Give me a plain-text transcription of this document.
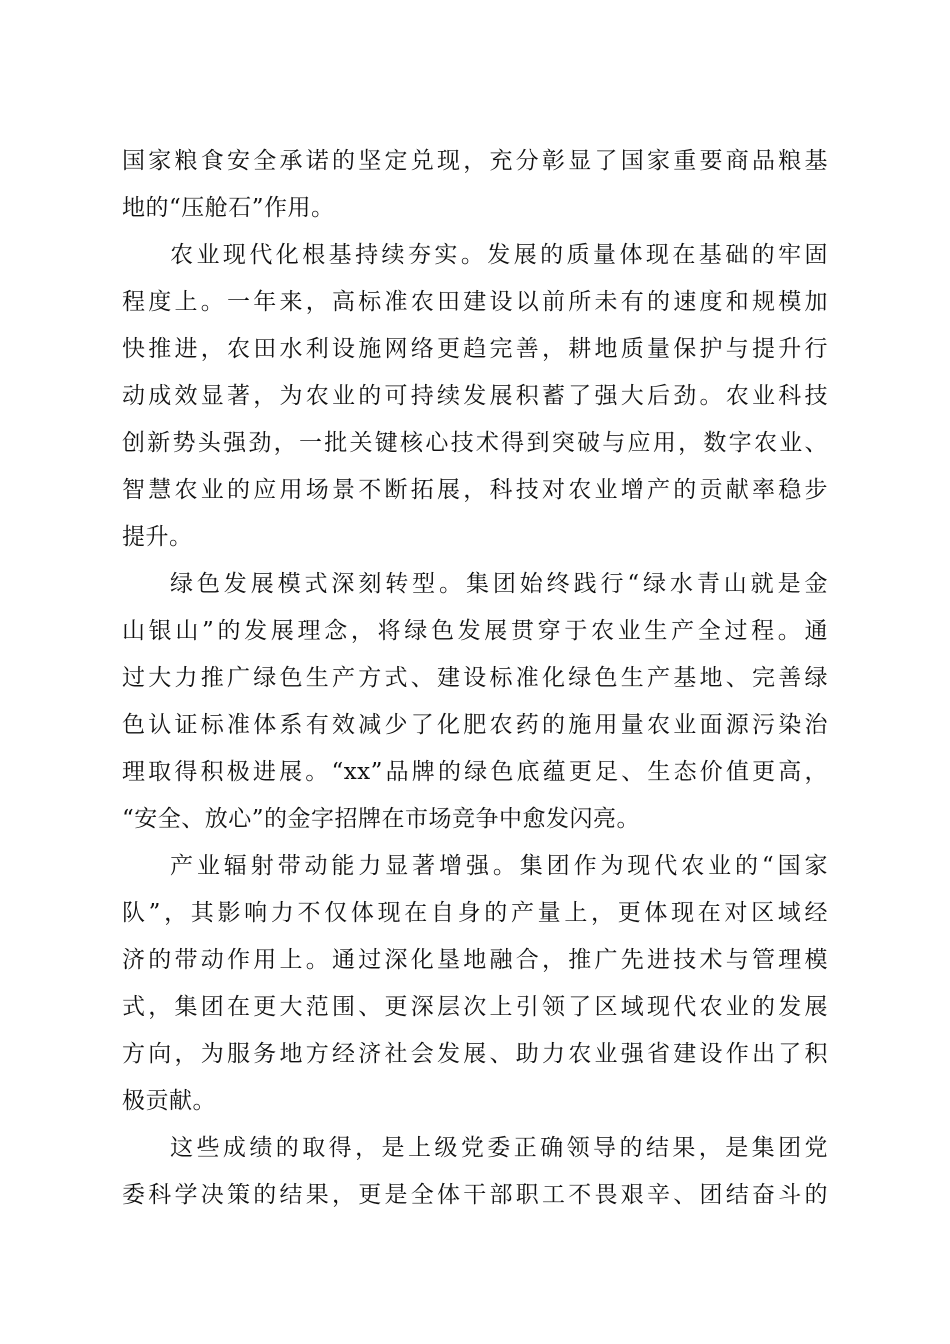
国家粮食安全承诺的坚定兑现，充分彰显了国家重要商品粮基
地的“压舱石”作用。
农业现代化根基持续夯实。发展的质量体现在基础的牢固
程度上。一年来，高标准农田建设以前所未有的速度和规模加
快推进，农田水利设施网络更趋完善，耕地质量保护与提升行
动成效显著，为农业的可持续发展积蓄了强大后劲。农业科技
创新势头强劲，一批关键核心技术得到突破与应用，数字农业、
智慧农业的应用场景不断拓展，科技对农业增产的贡献率稳步
提升。
绿色发展模式深刻转型。集团始终践行“绿水青山就是金
山银山”的发展理念，将绿色发展贯穿于农业生产全过程。通
过大力推广绿色生产方式、建设标准化绿色生产基地、完善绿
色认证标准体系有效减少了化肥农药的施用量农业面源污染治
理取得积极进展。“xx”品牌的绿色底蕴更足、生态价值更高，
“安全、放心”的金字招牌在市场竞争中愈发闪亮。
产业辐射带动能力显著增强。集团作为现代农业的“国家
队”，其影响力不仅体现在自身的产量上，更体现在对区域经
济的带动作用上。通过深化垦地融合，推广先进技术与管理模
式，集团在更大范围、更深层次上引领了区域现代农业的发展
方向，为服务地方经济社会发展、助力农业强省建设作出了积
极贡献。
这些成绩的取得，是上级党委正确领导的结果，是集团党
委科学决策的结果，更是全体干部职工不畏艰辛、团结奋斗的
